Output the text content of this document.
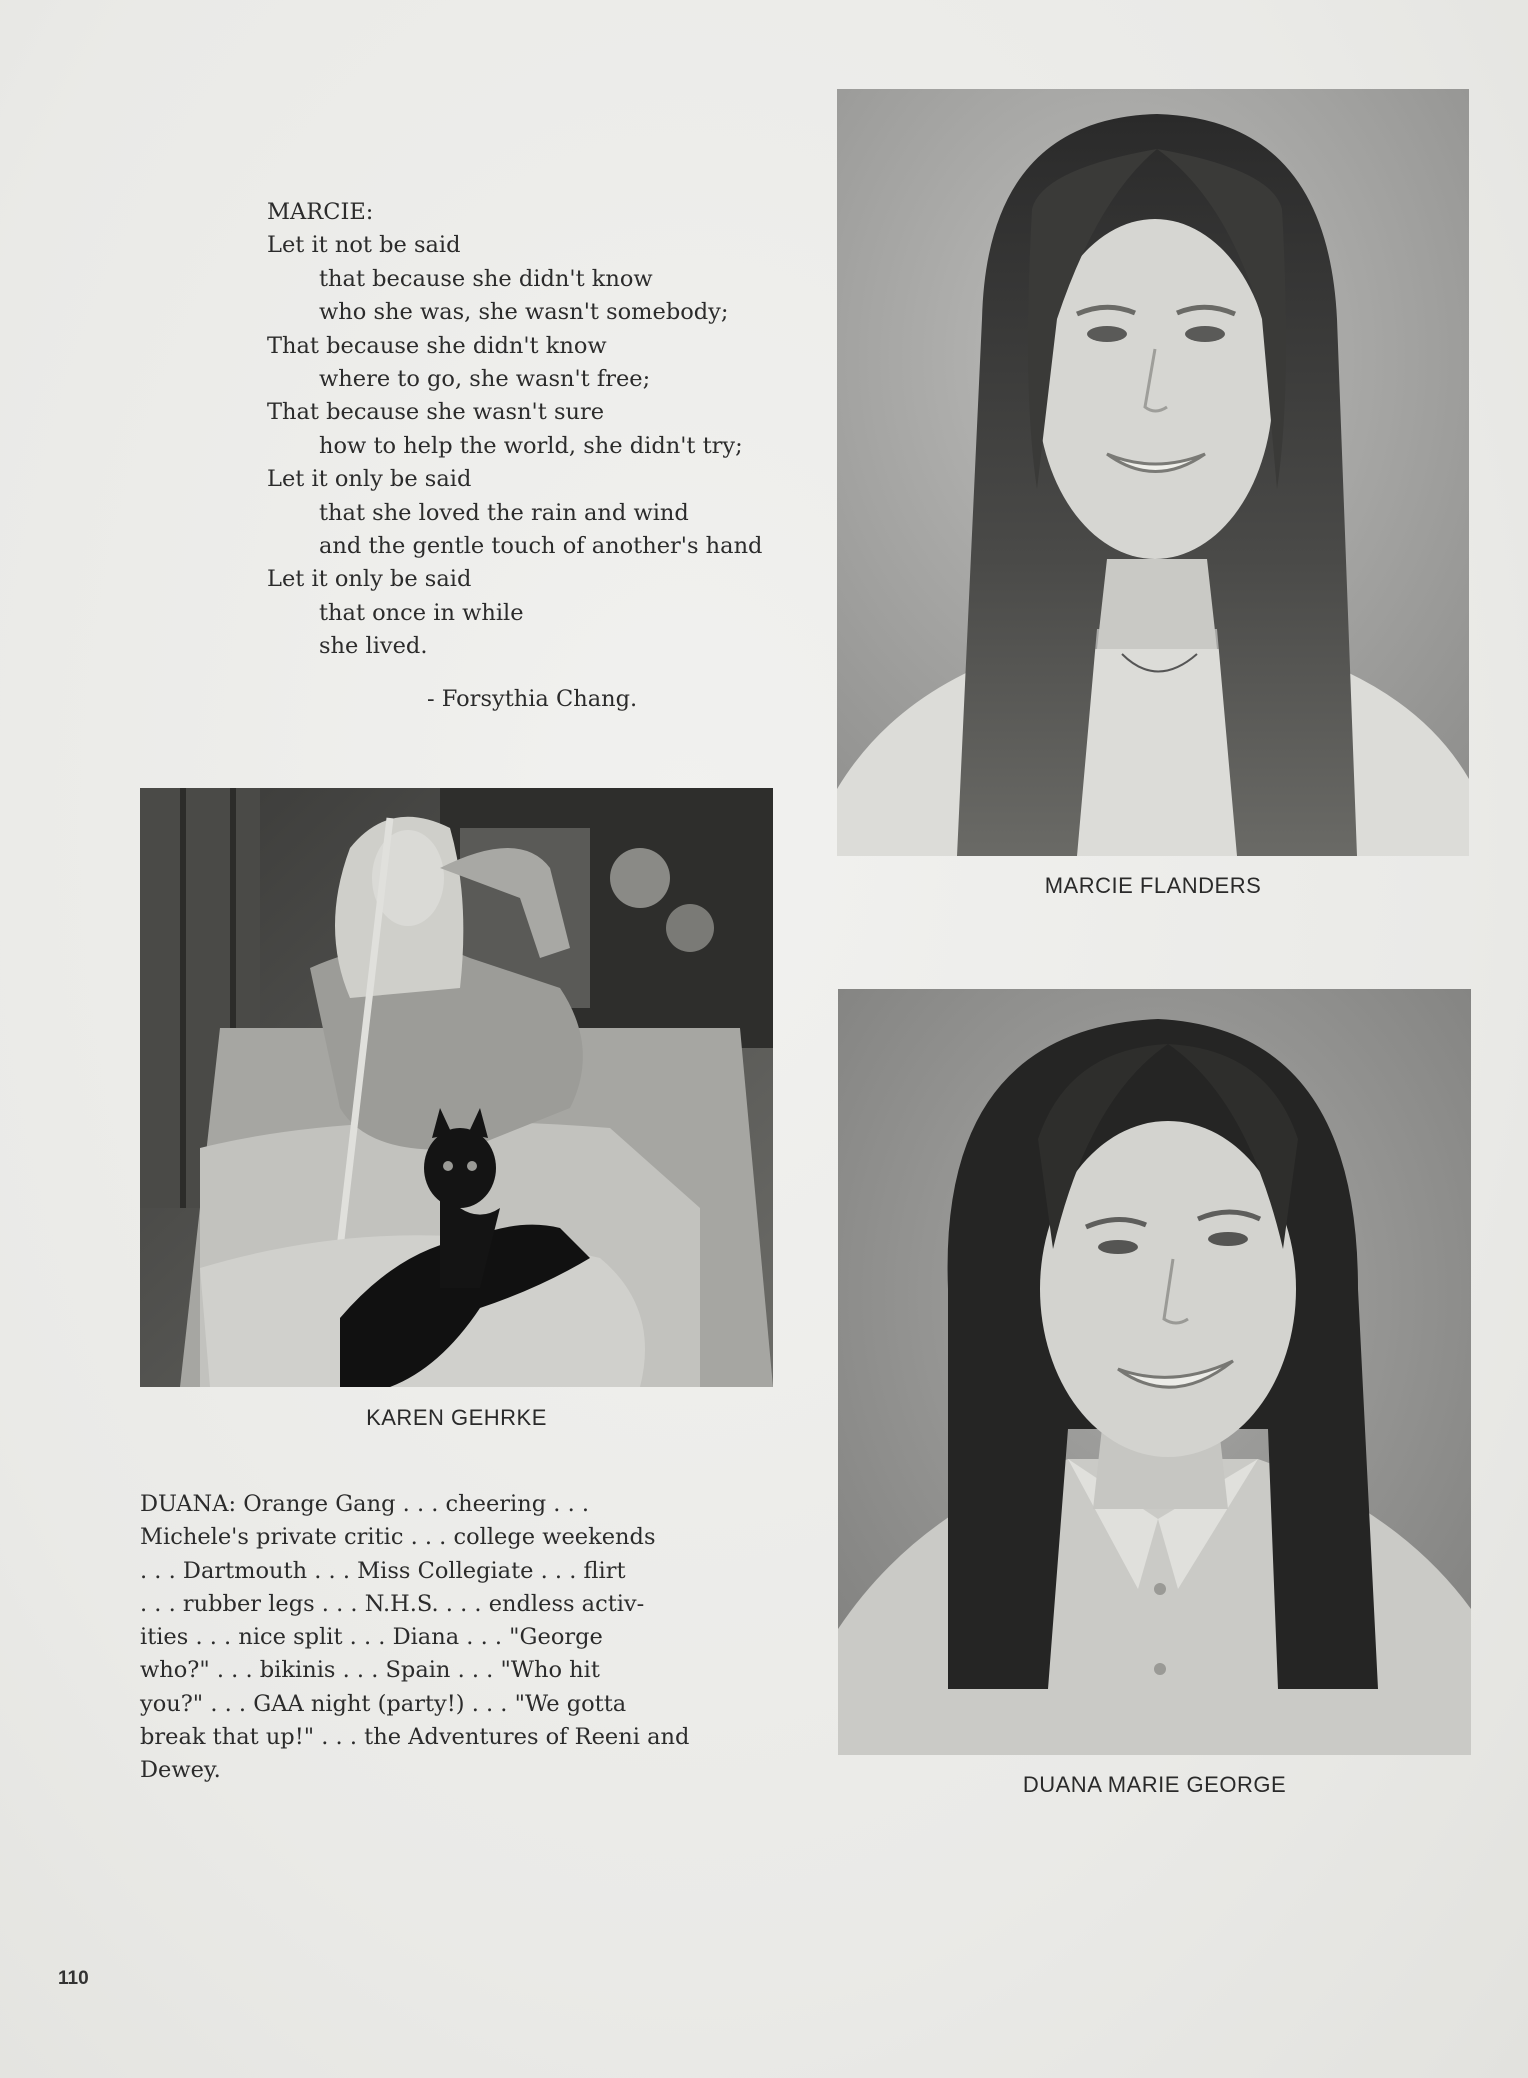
MARCIE:
Let it not be said
that because she didn't know
who she was, she wasn't somebody;
That because she didn't know
where to go, she wasn't free;
That because she wasn't sure
how to help the world, she didn't try;
Let it only be said
that she loved the rain and wind
and the gentle touch of another's hand
Let it only be said
that once in while
she lived.
- Forsythia Chang.
MARCIE FLANDERS
KAREN GEHRKE
DUANA MARIE GEORGE
DUANA: Orange Gang . . . cheering . . .
Michele's private critic . . . college weekends
. . . Dartmouth . . . Miss Collegiate . . . flirt
. . . rubber legs . . . N.H.S. . . . endless activ-
ities . . . nice split . . . Diana . . . "George
who?" . . . bikinis . . . Spain . . . "Who hit
you?" . . . GAA night (party!) . . . "We gotta
break that up!" . . . the Adventures of Reeni and
Dewey.
110
